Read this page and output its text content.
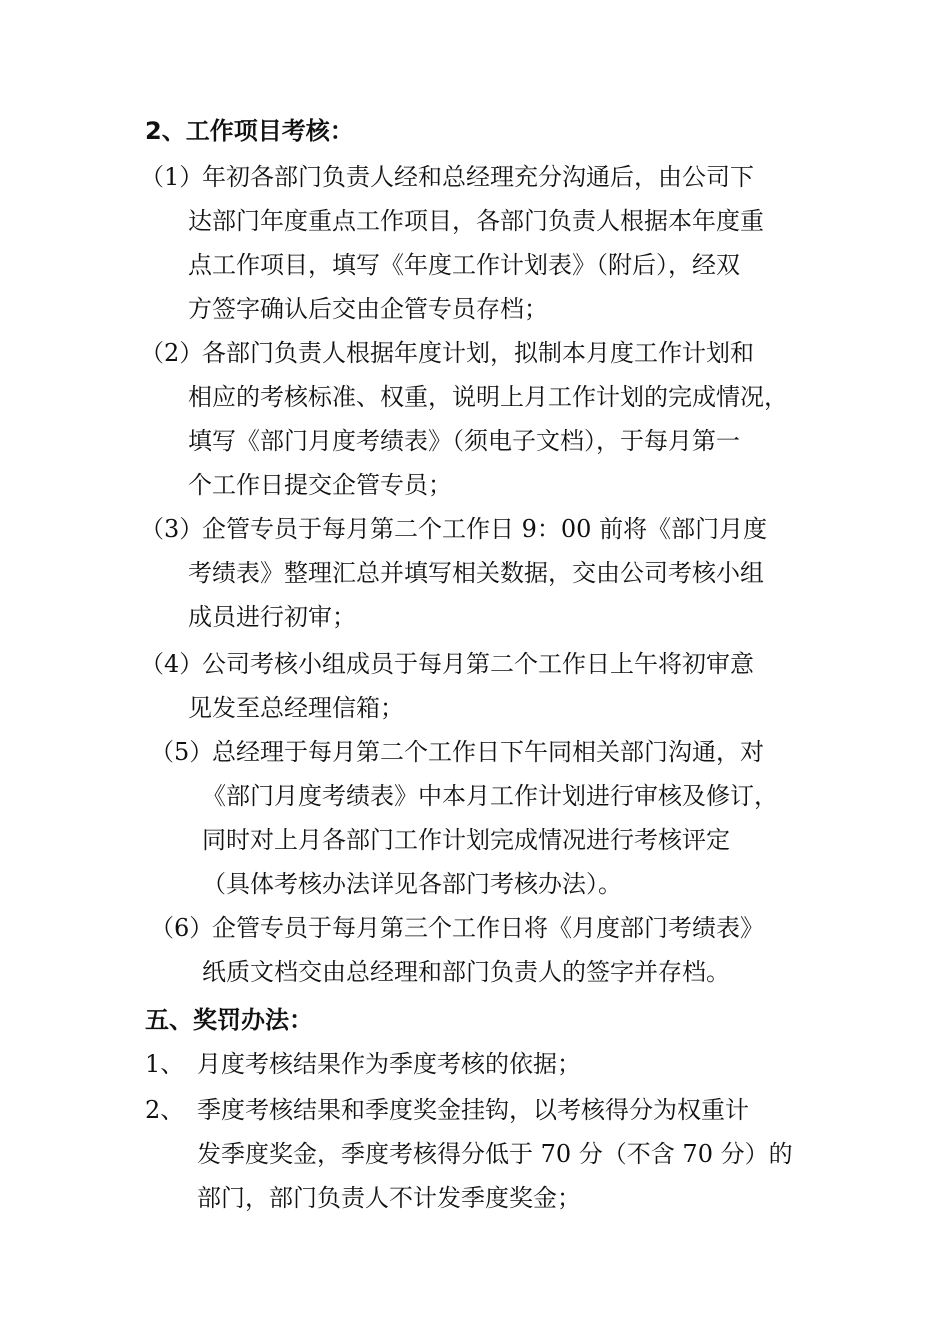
2、工作项目考核：
（1）
年初各部门负责人经和总经理充分沟通后，由公司下
达部门年度重点工作项目，各部门负责人根据本年度重
点工作项目，填写《年度工作计划表》（附后），经双
方签字确认后交由企管专员存档；
（2）
各部门负责人根据年度计划，拟制本月度工作计划和
相应的考核标准、权重，说明上月工作计划的完成情况，
填写《部门月度考绩表》（须电子文档），于每月第一
个工作日提交企管专员；
（3）
企管专员于每月第二个工作日 9：00 前将《部门月度
考绩表》整理汇总并填写相关数据，交由公司考核小组
成员进行初审；
（4）
公司考核小组成员于每月第二个工作日上午将初审意
见发至总经理信箱；
（5）
总经理于每月第二个工作日下午同相关部门沟通，对
《部门月度考绩表》中本月工作计划进行审核及修订，
同时对上月各部门工作计划完成情况进行考核评定
（具体考核办法详见各部门考核办法）。
（6）
企管专员于每月第三个工作日将《月度部门考绩表》
纸质文档交由总经理和部门负责人的签字并存档。
五、奖罚办法：
1、 月度考核结果作为季度考核的依据；
2、 季度考核结果和季度奖金挂钩，以考核得分为权重计
发季度奖金，季度考核得分低于 70 分（不含 70 分）的
部门，部门负责人不计发季度奖金；
